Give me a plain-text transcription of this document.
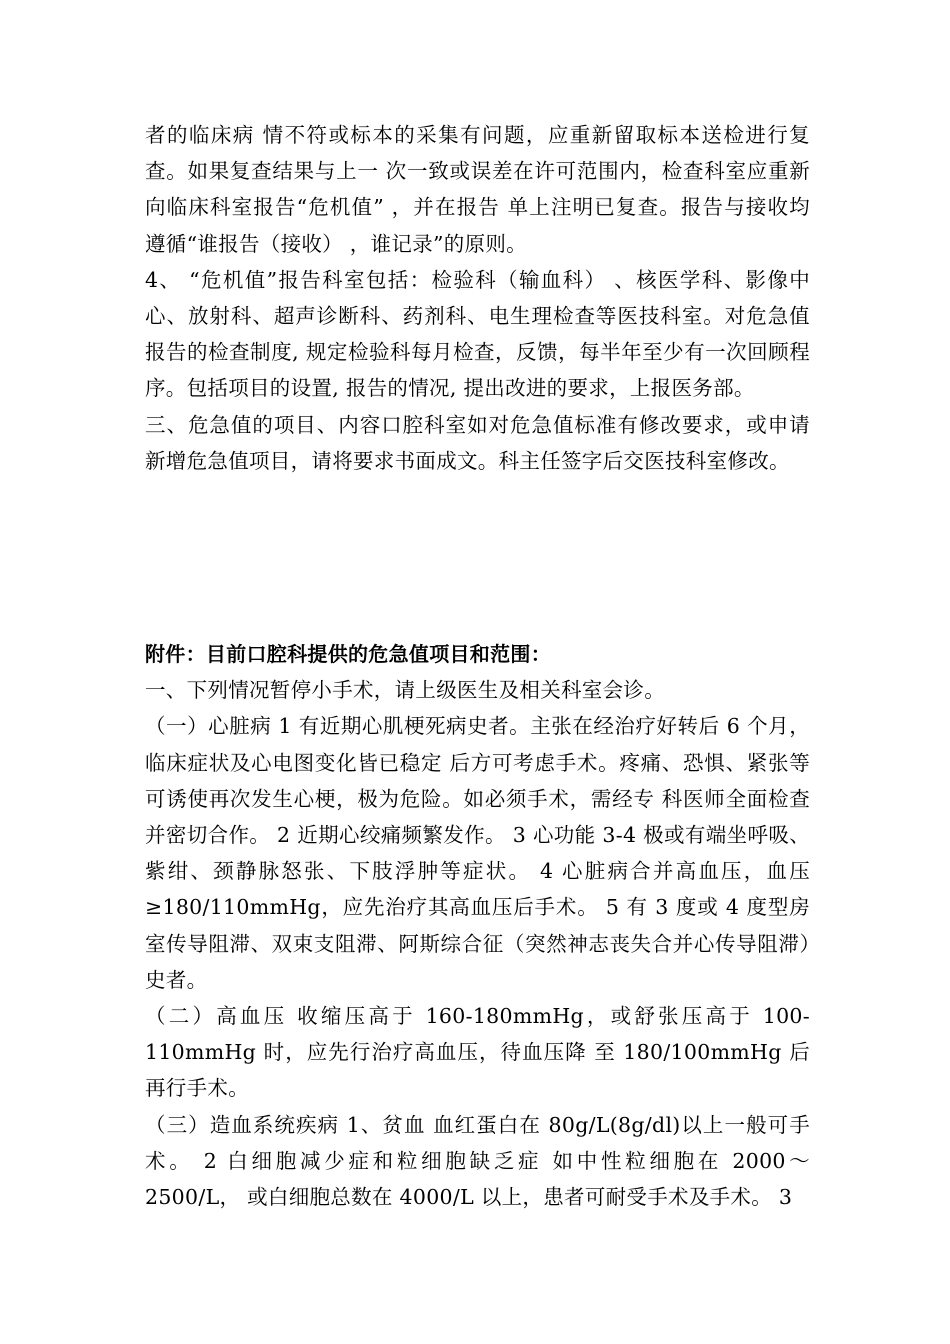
者的临床病 情不符或标本的采集有问题，应重新留取标本送检进行复查。如果复查结果与上一 次一致或误差在许可范围内，检查科室应重新向临床科室报告“危机值” ，并在报告 单上注明已复查。报告与接收均 遵循“谁报告（接收） ，谁记录”的原则。

4、 “危机值”报告科室包括：检验科（输血科） 、核医学科、影像中心、放射科、超声诊断科、药剂科、电生理检查等医技科室。对危急值报告的检查制度, 规定检验科每月检查，反馈，每半年至少有一次回顾程序。包括项目的设置, 报告的情况, 提出改进的要求，上报医务部。

三、危急值的项目、内容口腔科室如对危急值标准有修改要求，或申请新增危急值项目，请将要求书面成文。科主任签字后交医技科室修改。

附件：目前口腔科提供的危急值项目和范围：

一、下列情况暂停小手术，请上级医生及相关科室会诊。

（一）心脏病 1 有近期心肌梗死病史者。主张在经治疗好转后 6 个月，临床症状及心电图变化皆已稳定 后方可考虑手术。疼痛、恐惧、紧张等可诱使再次发生心梗，极为危险。如必须手术，需经专 科医师全面检查并密切合作。 2 近期心绞痛频繁发作。 3 心功能 3-4 极或有端坐呼吸、紫绀、颈静脉怒张、下肢浮肿等症状。 4 心脏病合并高血压，血压≥180/110mmHg，应先治疗其高血压后手术。 5 有 3 度或 4 度型房室传导阻滞、双束支阻滞、阿斯综合征（突然神志丧失合并心传导阻滞）史者。

（二）高血压 收缩压高于 160-180mmHg，或舒张压高于 100-110mmHg 时，应先行治疗高血压，待血压降 至 180/100mmHg 后再行手术。

（三）造血系统疾病 1、贫血 血红蛋白在 80g/L(8g/dl)以上一般可手术。 2 白细胞减少症和粒细胞缺乏症 如中性粒细胞在 2000～2500/L， 或白细胞总数在 4000/L 以上，患者可耐受手术及手术。 3
